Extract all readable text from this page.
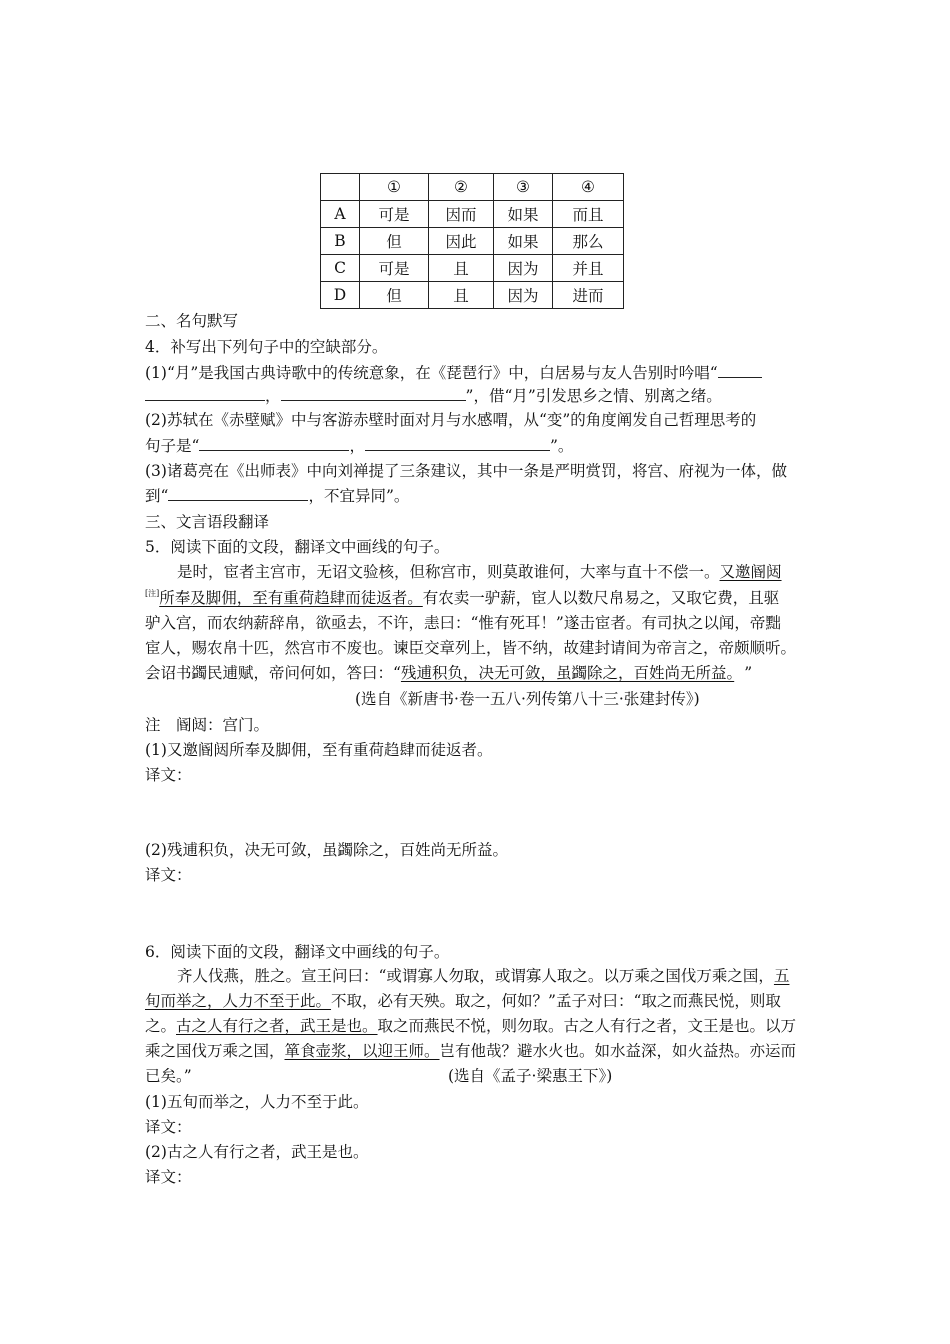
	①	②	③	④
A	可是	因而	如果	而且
B	但	因此	如果	那么
C	可是	且	因为	并且
D	但	且	因为	进而
二、名句默写
4．补写出下列句子中的空缺部分。
(1)“月”是我国古典诗歌中的传统意象，在《琵琶行》中，白居易与友人告别时吟唱“
，	”，借“月”引发思乡之情、别离之绪。
(2)苏轼在《赤壁赋》中与客游赤壁时面对月与水感喟，从“变”的角度阐发自己哲理思考的
句子是“	，	”。
(3)诸葛亮在《出师表》中向刘禅提了三条建议，其中一条是严明赏罚，将宫、府视为一体，做
到“	，不宜异同”。
三、文言语段翻译
5．阅读下面的文段，翻译文中画线的句子。
是时，宦者主宫市，无诏文验核，但称宫市，则莫敢谁何，大率与直十不偿一。又邀阍闼
[注]所奉及脚佣，至有重荷趋肆而徒返者。有农卖一驴薪，宦人以数尺帛易之，又取它费，且驱
驴入宫，而农纳薪辞帛，欲亟去，不许，恚曰：“惟有死耳！”遂击宦者。有司执之以闻，帝黜
宦人，赐农帛十匹，然宫市不废也。谏臣交章列上，皆不纳，故建封请间为帝言之，帝颇顺听。
会诏书蠲民逋赋，帝问何如，答曰：“残逋积负，决无可敛，虽蠲除之，百姓尚无所益。 ”
(选自《新唐书·卷一五八·列传第八十三·张建封传》)
注　阍闼：宫门。
(1)又邀阍闼所奉及脚佣，至有重荷趋肆而徒返者。
译文：
(2)残逋积负，决无可敛，虽蠲除之，百姓尚无所益。
译文：
6．阅读下面的文段，翻译文中画线的句子。
齐人伐燕，胜之。宣王问曰：“或谓寡人勿取，或谓寡人取之。以万乘之国伐万乘之国，五
旬而举之，人力不至于此。不取，必有天殃。取之，何如？”孟子对曰：“取之而燕民悦，则取
之。古之人有行之者，武王是也。取之而燕民不悦，则勿取。古之人有行之者，文王是也。以万
乘之国伐万乘之国，箪食壶浆，以迎王师。岂有他哉？避水火也。如水益深，如火益热。亦运而
已矣。”	(选自《孟子·梁惠王下》)
(1)五旬而举之，人力不至于此。
译文：
(2)古之人有行之者，武王是也。
译文：
